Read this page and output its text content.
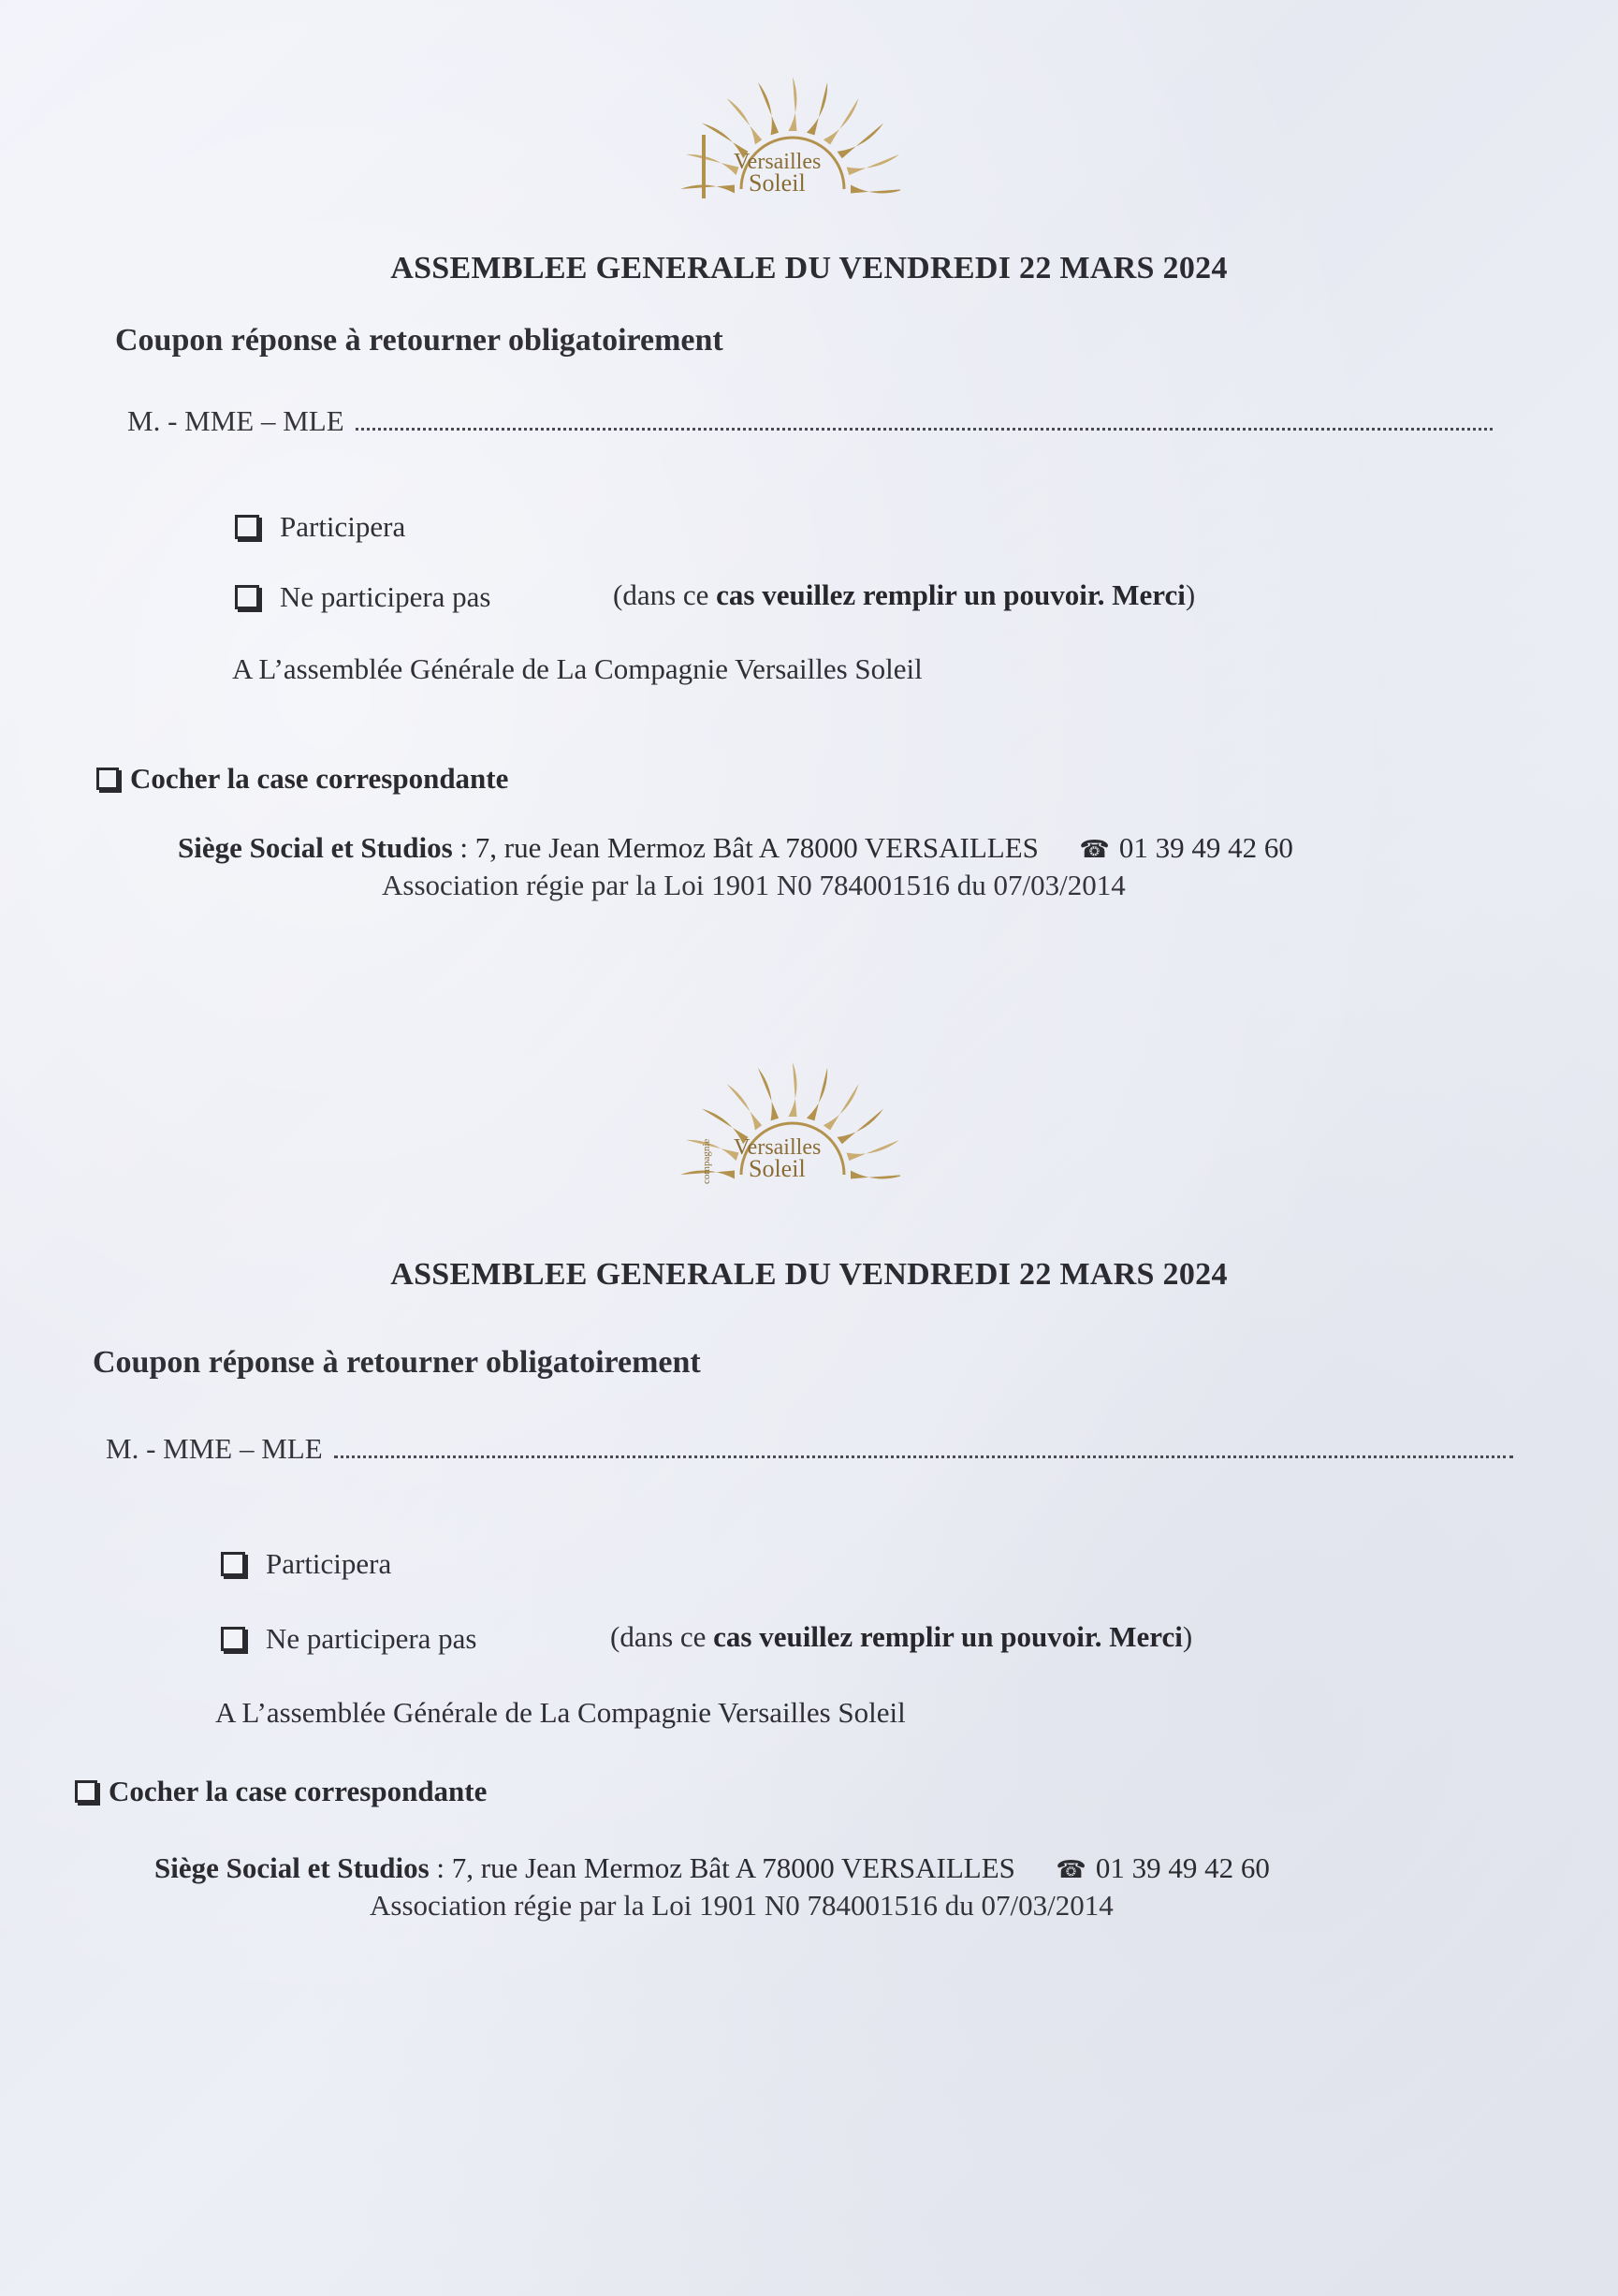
Versailles
Soleil
ASSEMBLEE GENERALE DU VENDREDI 22 MARS 2024
Coupon réponse à retourner obligatoirement
M. - MME – MLE
Participera
Ne participera pas	(dans ce cas veuillez remplir un pouvoir. Merci)
A L’assemblée Générale de La Compagnie Versailles Soleil
Cocher la case correspondante
Siège Social et Studios : 7, rue Jean Mermoz Bât A 78000 VERSAILLES ☎ 01 39 49 42 60
Association régie par la Loi 1901 N0 784001516 du 07/03/2014
compagnie Versailles
Soleil
ASSEMBLEE GENERALE DU VENDREDI 22 MARS 2024
Coupon réponse à retourner obligatoirement
M. - MME – MLE
Participera
Ne participera pas	(dans ce cas veuillez remplir un pouvoir. Merci)
A L’assemblée Générale de La Compagnie Versailles Soleil
Cocher la case correspondante
Siège Social et Studios : 7, rue Jean Mermoz Bât A 78000 VERSAILLES ☎ 01 39 49 42 60
Association régie par la Loi 1901 N0 784001516 du 07/03/2014
